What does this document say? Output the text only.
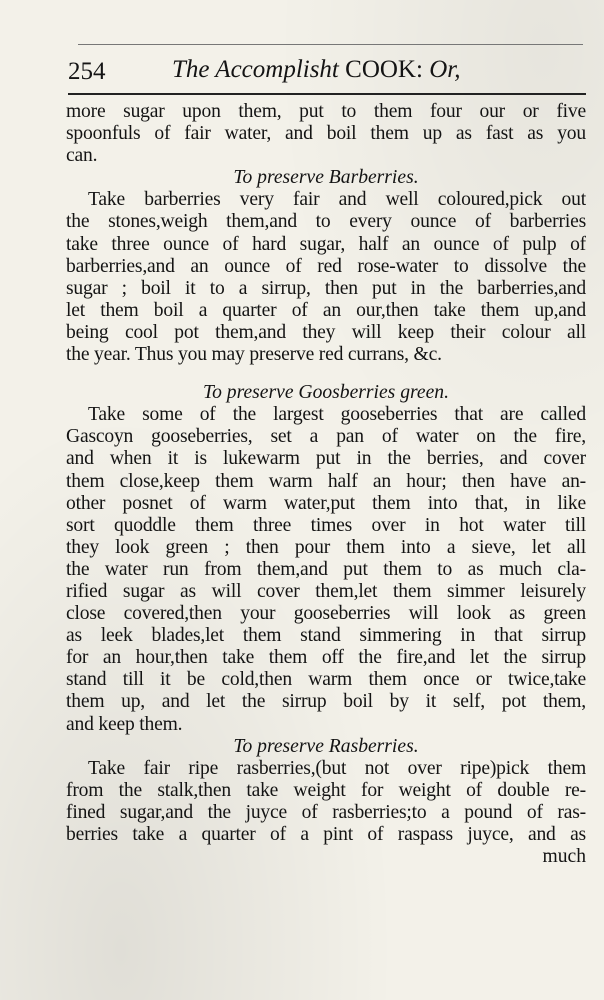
254	The Accomplisht COOK: Or,
more sugar upon them, put to them four our or five
spoonfuls of fair water, and boil them up as fast as you
can.
To preserve Barberries.
Take barberries very fair and well coloured,pick out
the stones,weigh them,and to every ounce of barberries
take three ounce of hard sugar, half an ounce of pulp of
barberries,and an ounce of red rose-water to dissolve the
sugar ; boil it to a sirrup, then put in the barberries,and
let them boil a quarter of an our,then take them up,and
being cool pot them,and they will keep their colour all
the year. Thus you may preserve red currans, &c.
To preserve Goosberries green.
Take some of the largest gooseberries that are called
Gascoyn gooseberries, set a pan of water on the fire,
and when it is lukewarm put in the berries, and cover
them close,keep them warm half an hour; then have an-
other posnet of warm water,put them into that, in like
sort quoddle them three times over in hot water till
they look green ; then pour them into a sieve, let all
the water run from them,and put them to as much cla-
rified sugar as will cover them,let them simmer leisurely
close covered,then your gooseberries will look as green
as leek blades,let them stand simmering in that sirrup
for an hour,then take them off the fire,and let the sirrup
stand till it be cold,then warm them once or twice,take
them up, and let the sirrup boil by it self, pot them,
and keep them.
To preserve Rasberries.
Take fair ripe rasberries,(but not over ripe)pick them
from the stalk,then take weight for weight of double re-
fined sugar,and the juyce of rasberries;to a pound of ras-
berries take a quarter of a pint of raspass juyce, and as
much
